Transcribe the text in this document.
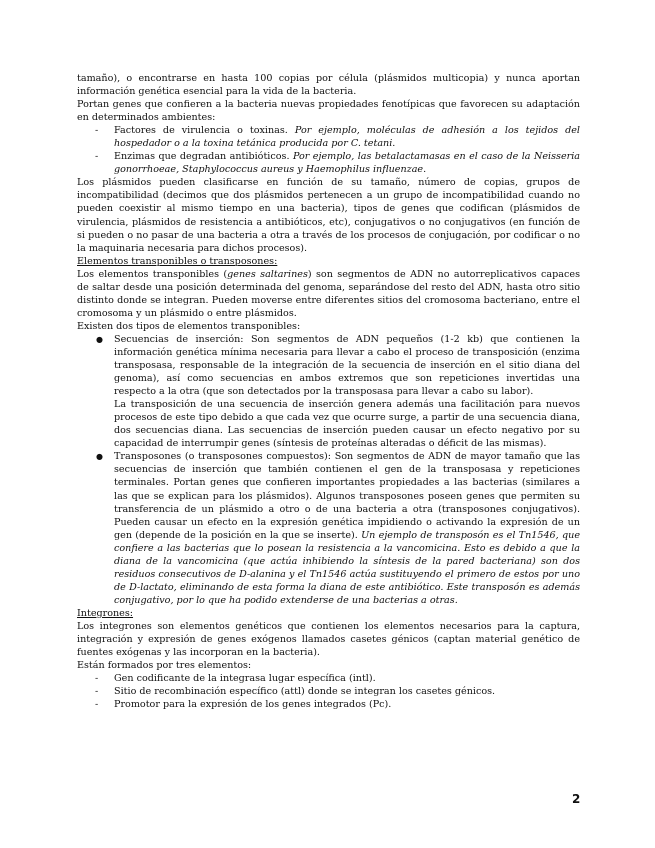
tamaño), o encontrarse en hasta 100 copias por célula (plásmidos multicopia) y nunca aportan información genética esencial para la vida de la bacteria.

Portan genes que confieren a la bacteria nuevas propiedades fenotípicas que favorecen su adaptación en determinados ambientes:

- Factores de virulencia o toxinas. Por ejemplo, moléculas de adhesión a los tejidos del hospedador o a la toxina tetánica producida por C. tetani.
- Enzimas que degradan antibióticos. Por ejemplo, las betalactamasas en el caso de la Neisseria gonorrhoeae, Staphylococcus aureus y Haemophilus influenzae.

Los plásmidos pueden clasificarse en función de su tamaño, número de copias, grupos de incompatibilidad (decimos que dos plásmidos pertenecen a un grupo de incompatibilidad cuando no pueden coexistir al mismo tiempo en una bacteria), tipos de genes que codifican (plásmidos de virulencia, plásmidos de resistencia a antibióticos, etc), conjugativos o no conjugativos (en función de si pueden o no pasar de una bacteria a otra a través de los procesos de conjugación, por codificar o no la maquinaria necesaria para dichos procesos).

Elementos transponibles o transposones:

Los elementos transponibles (genes saltarines) son segmentos de ADN no autorreplicativos capaces de saltar desde una posición determinada del genoma, separándose del resto del ADN, hasta otro sitio distinto donde se integran. Pueden moverse entre diferentes sitios del cromosoma bacteriano, entre el cromosoma y un plásmido o entre plásmidos.

Existen dos tipos de elementos transponibles:

● Secuencias de inserción: Son segmentos de ADN pequeños (1-2 kb) que contienen la información genética mínima necesaria para llevar a cabo el proceso de transposición (enzima transposasa, responsable de la integración de la secuencia de inserción en el sitio diana del genoma), así como secuencias en ambos extremos que son repeticiones invertidas una respecto a la otra (que son detectados por la transposasa para llevar a cabo su labor).

La transposición de una secuencia de inserción genera además una facilitación para nuevos procesos de este tipo debido a que cada vez que ocurre surge, a partir de una secuencia diana, dos secuencias diana. Las secuencias de inserción pueden causar un efecto negativo por su capacidad de interrumpir genes (síntesis de proteínas alteradas o déficit de las mismas).

● Transposones (o transposones compuestos): Son segmentos de ADN de mayor tamaño que las secuencias de inserción que también contienen el gen de la transposasa y repeticiones terminales. Portan genes que confieren importantes propiedades a las bacterias (similares a las que se explican para los plásmidos). Algunos transposones poseen genes que permiten su transferencia de un plásmido a otro o de una bacteria a otra (transposones conjugativos). Pueden causar un efecto en la expresión genética impidiendo o activando la expresión de un gen (depende de la posición en la que se inserte). Un ejemplo de transposón es el Tn1546, que confiere a las bacterias que lo posean la resistencia a la vancomicina. Esto es debido a que la diana de la vancomicina (que actúa inhibiendo la síntesis de la pared bacteriana) son dos residuos consecutivos de D-alanina y el Tn1546 actúa sustituyendo el primero de estos por uno de D-lactato, eliminando de esta forma la diana de este antibiótico. Este transposón es además conjugativo, por lo que ha podido extenderse de una bacterias a otras.

Integrones:

Los integrones son elementos genéticos que contienen los elementos necesarios para la captura, integración y expresión de genes exógenos llamados casetes génicos (captan material genético de fuentes exógenas y las incorporan en la bacteria).

Están formados por tres elementos:

- Gen codificante de la integrasa lugar específica (intl).
- Sitio de recombinación específico (attl) donde se integran los casetes génicos.
- Promotor para la expresión de los genes integrados (Pc).
2
